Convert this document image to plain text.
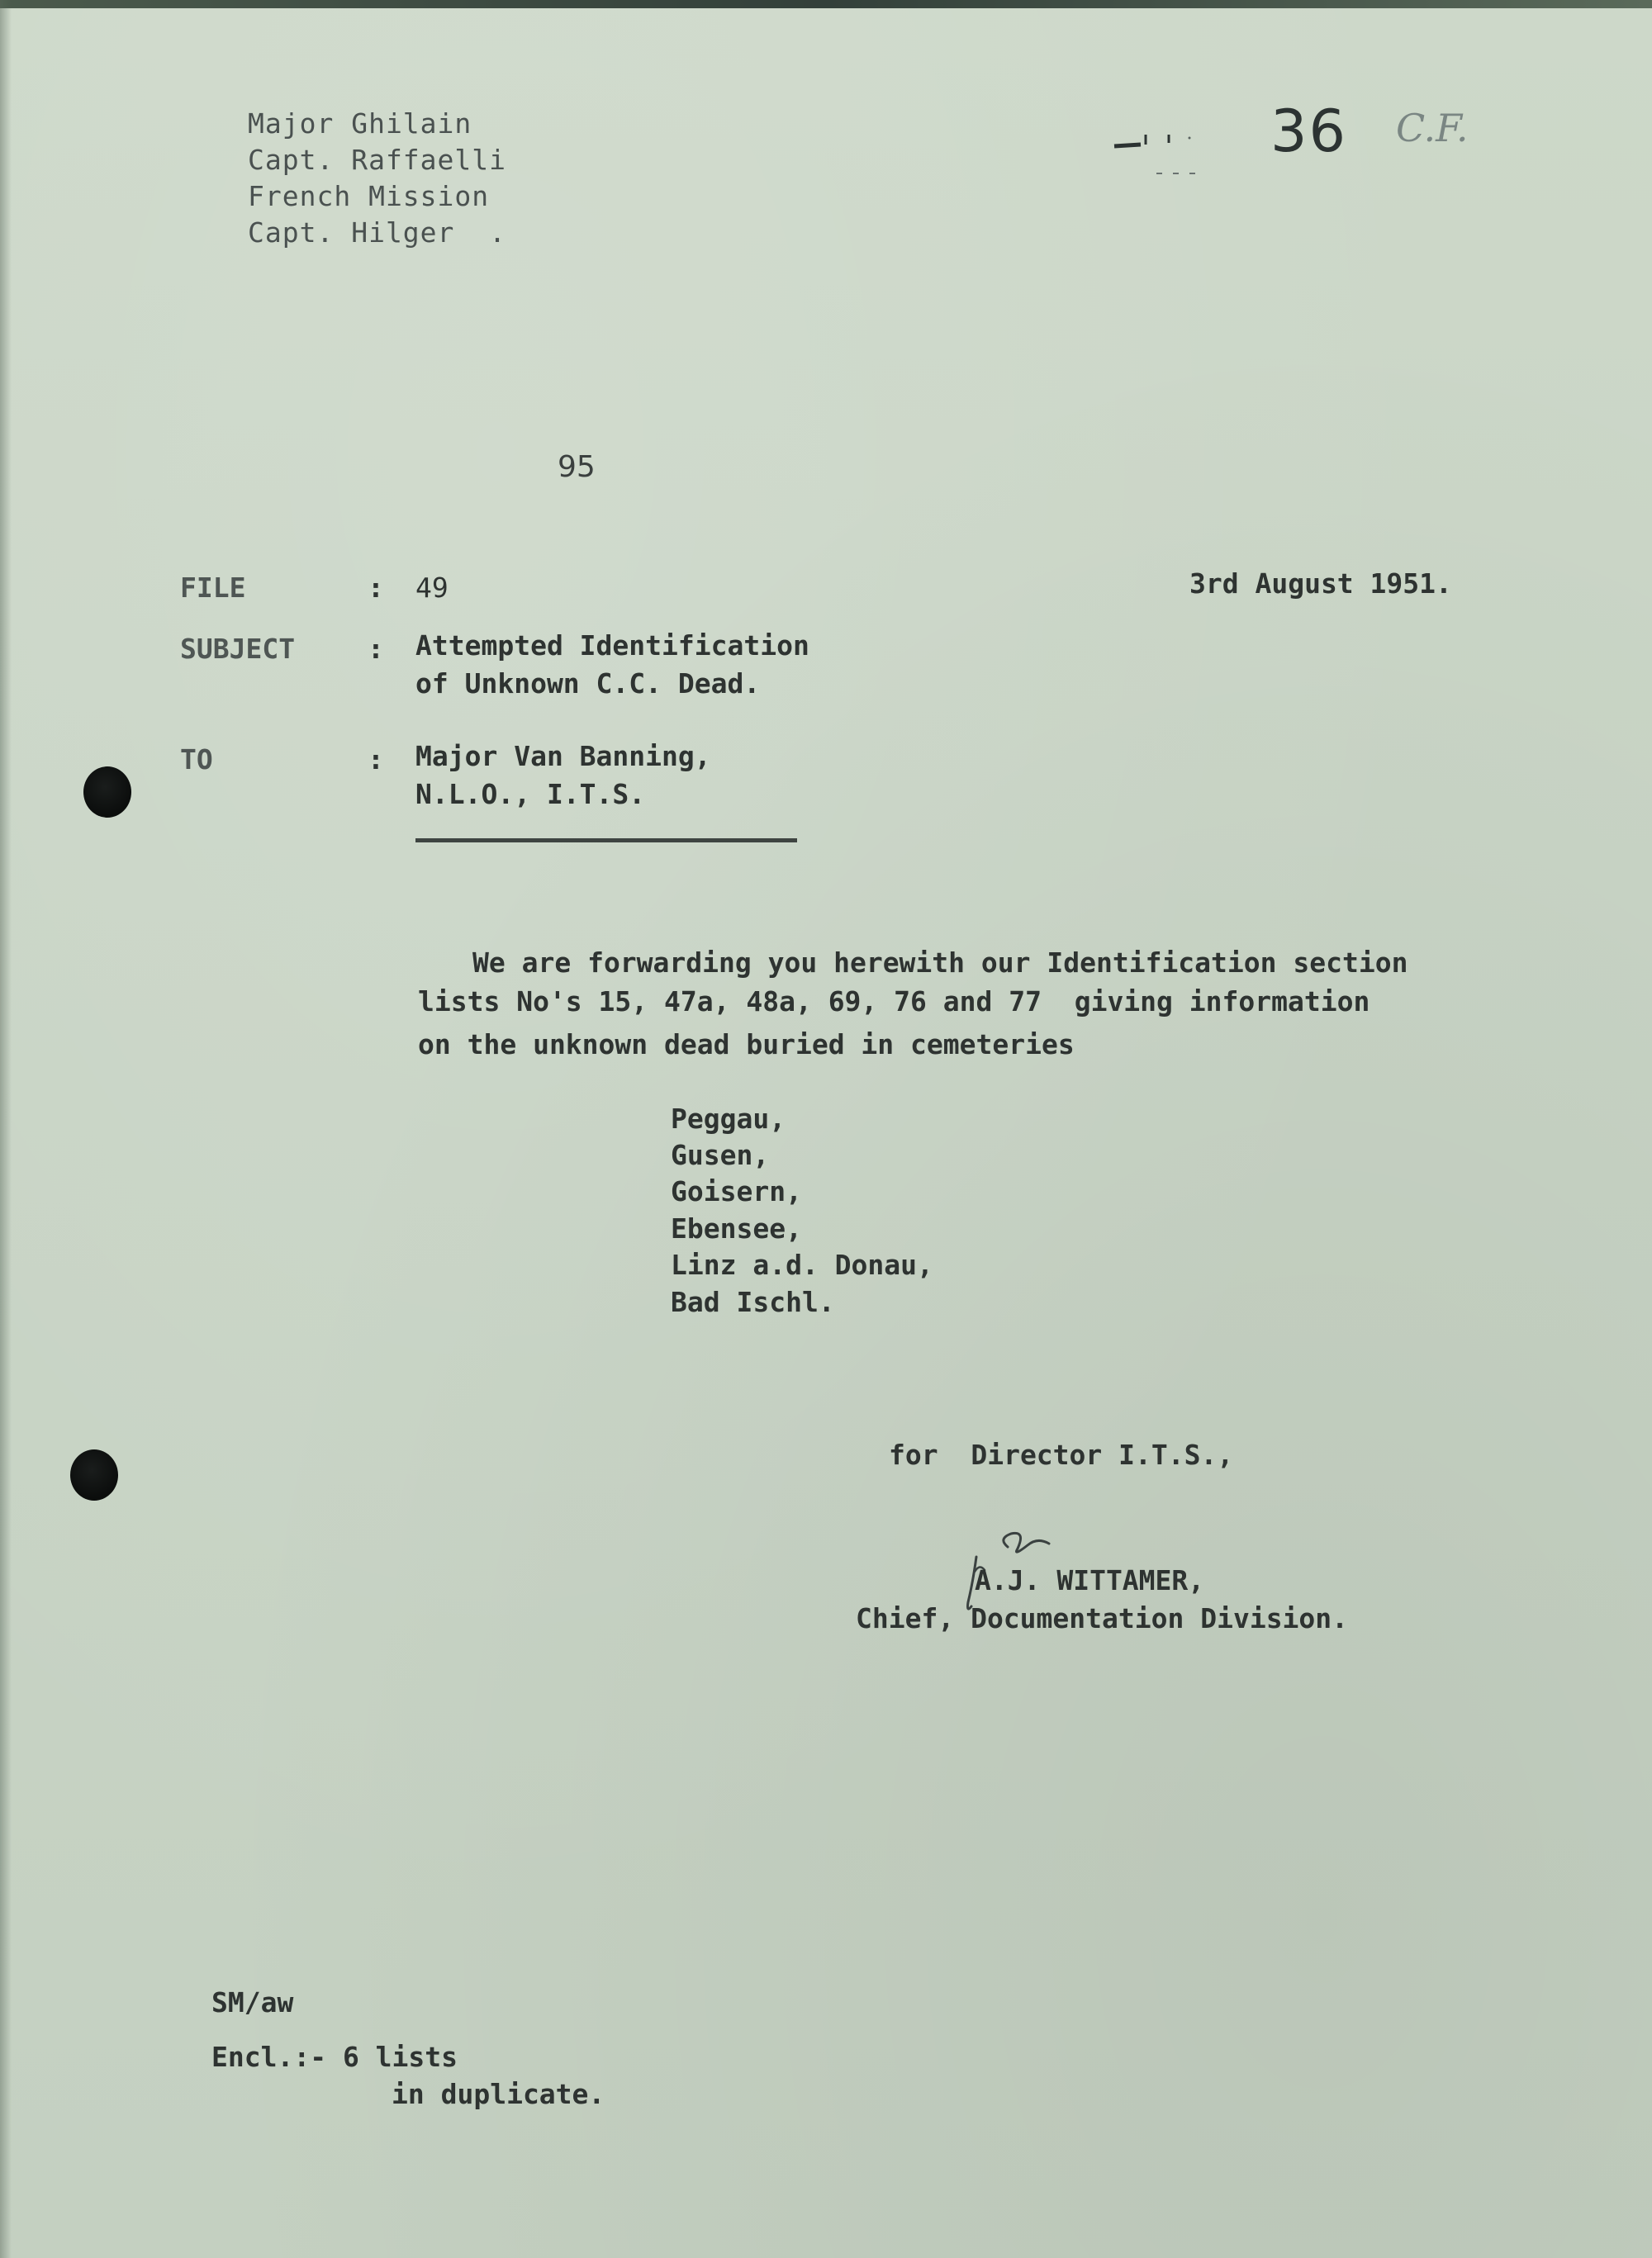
Major Ghilain
Capt. Raffaelli
French Mission
Capt. Hilger  .
36 C.F.
95
FILE	: 49	3rd August 1951.
SUBJECT	: Attempted Identification
of Unknown C.C. Dead.
TO	: Major Van Banning,
N.L.O., I.T.S.
We are forwarding you herewith our Identification section
lists No's 15, 47a, 48a, 69, 76 and 77  giving information
on the unknown dead buried in cemeteries
Peggau,
Gusen,
Goisern,
Ebensee,
Linz a.d. Donau,
Bad Ischl.
for  Director I.T.S.,
A.J. WITTAMER,
Chief, Documentation Division.
SM/aw
Encl.:- 6 lists
in duplicate.
